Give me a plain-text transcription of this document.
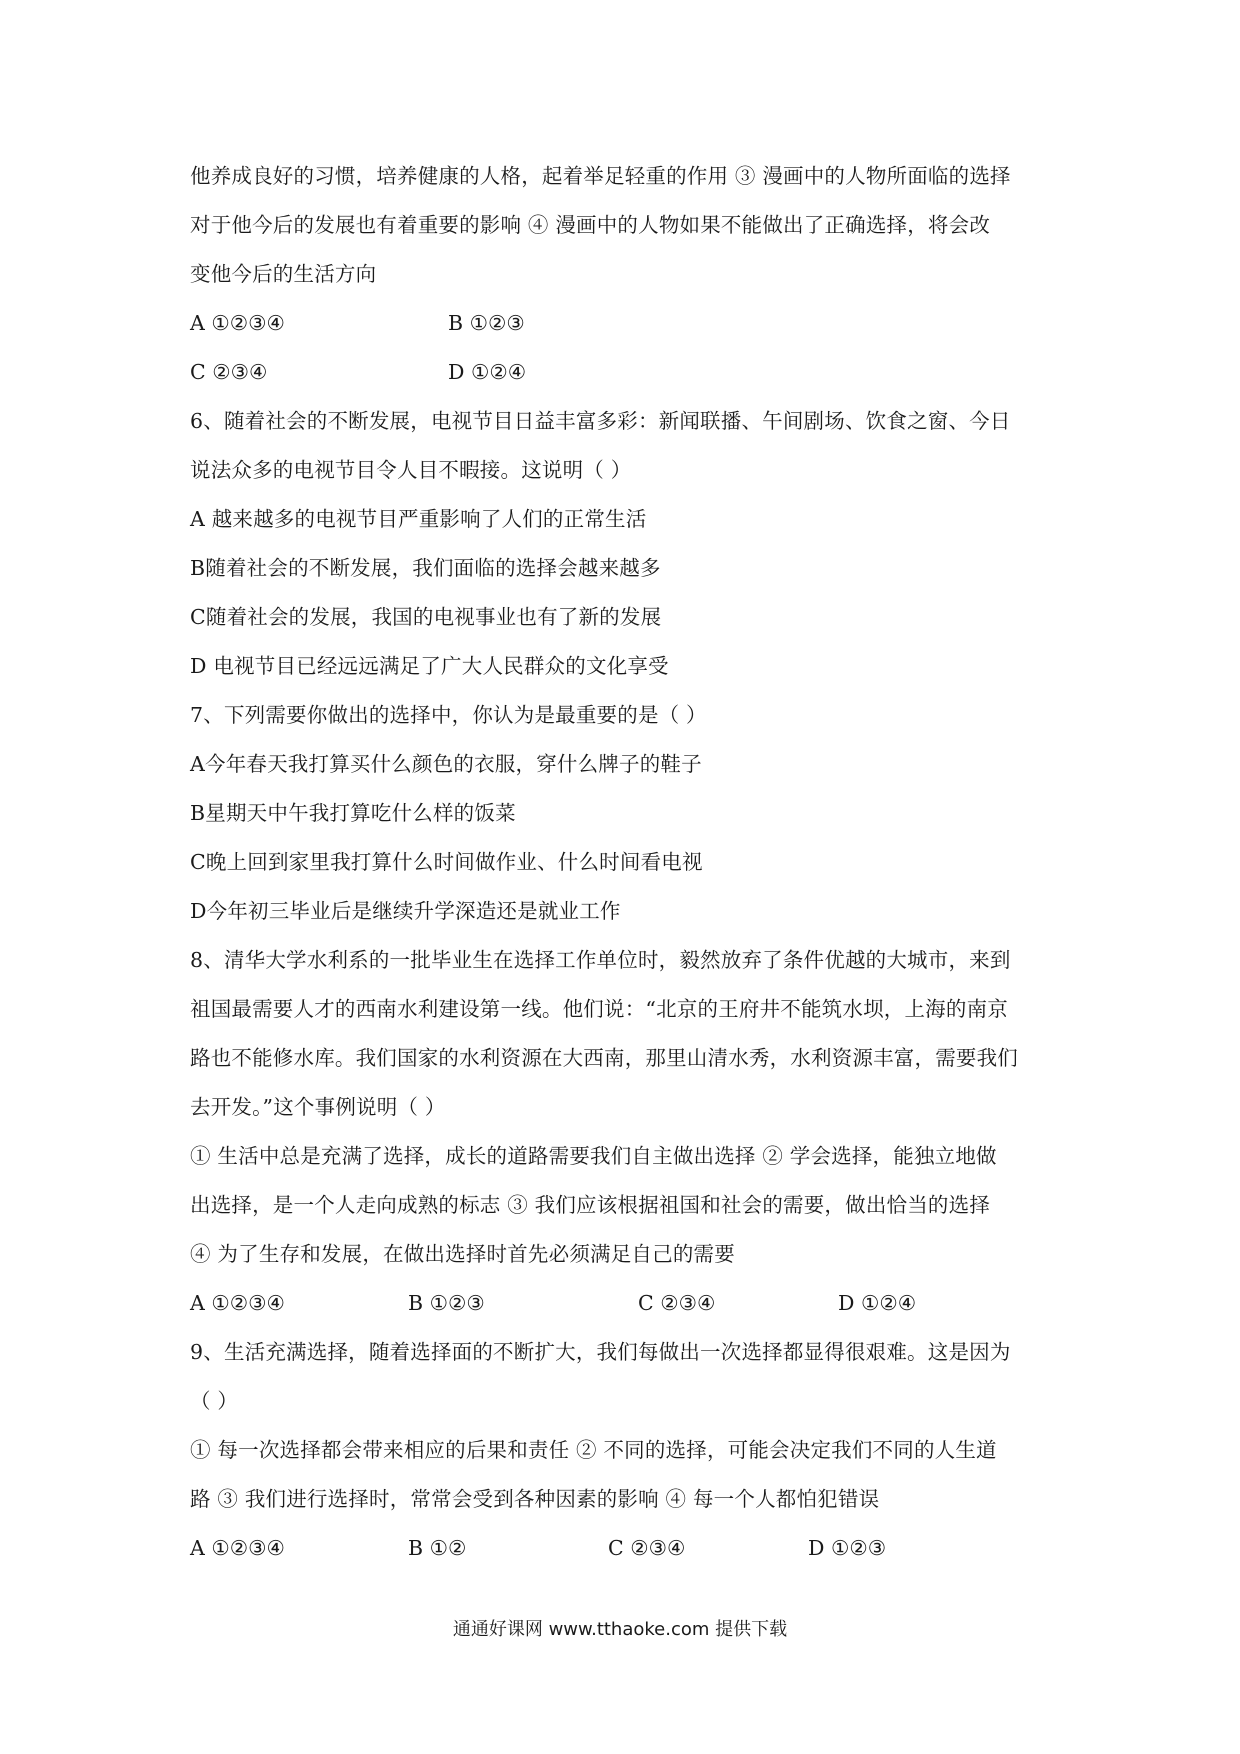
他养成良好的习惯，培养健康的人格，起着举足轻重的作用 ③ 漫画中的人物所面临的选择
对于他今后的发展也有着重要的影响 ④ 漫画中的人物如果不能做出了正确选择，将会改
变他今后的生活方向
A ①②③④	B ①②③
C ②③④	D ①②④
6、随着社会的不断发展，电视节目日益丰富多彩：新闻联播、午间剧场、饮食之窗、今日
说法众多的电视节目令人目不暇接。这说明（ ）
A 越来越多的电视节目严重影响了人们的正常生活
B随着社会的不断发展，我们面临的选择会越来越多
C随着社会的发展，我国的电视事业也有了新的发展
D 电视节目已经远远满足了广大人民群众的文化享受
7、下列需要你做出的选择中，你认为是最重要的是（ ）
A今年春天我打算买什么颜色的衣服，穿什么牌子的鞋子
B星期天中午我打算吃什么样的饭菜
C晚上回到家里我打算什么时间做作业、什么时间看电视
D今年初三毕业后是继续升学深造还是就业工作
8、清华大学水利系的一批毕业生在选择工作单位时，毅然放弃了条件优越的大城市，来到
祖国最需要人才的西南水利建设第一线。他们说：“北京的王府井不能筑水坝，上海的南京
路也不能修水库。我们国家的水利资源在大西南，那里山清水秀，水利资源丰富，需要我们
去开发。”这个事例说明（ ）
① 生活中总是充满了选择，成长的道路需要我们自主做出选择 ② 学会选择，能独立地做
出选择，是一个人走向成熟的标志 ③ 我们应该根据祖国和社会的需要，做出恰当的选择
④ 为了生存和发展，在做出选择时首先必须满足自己的需要
A ①②③④	B ①②③	C ②③④	D ①②④
9、生活充满选择，随着选择面的不断扩大，我们每做出一次选择都显得很艰难。这是因为
（ ）
① 每一次选择都会带来相应的后果和责任 ② 不同的选择，可能会决定我们不同的人生道
路 ③ 我们进行选择时，常常会受到各种因素的影响 ④ 每一个人都怕犯错误
A ①②③④	B ①②	C ②③④	D ①②③
通通好课网 www.tthaoke.com 提供下载
